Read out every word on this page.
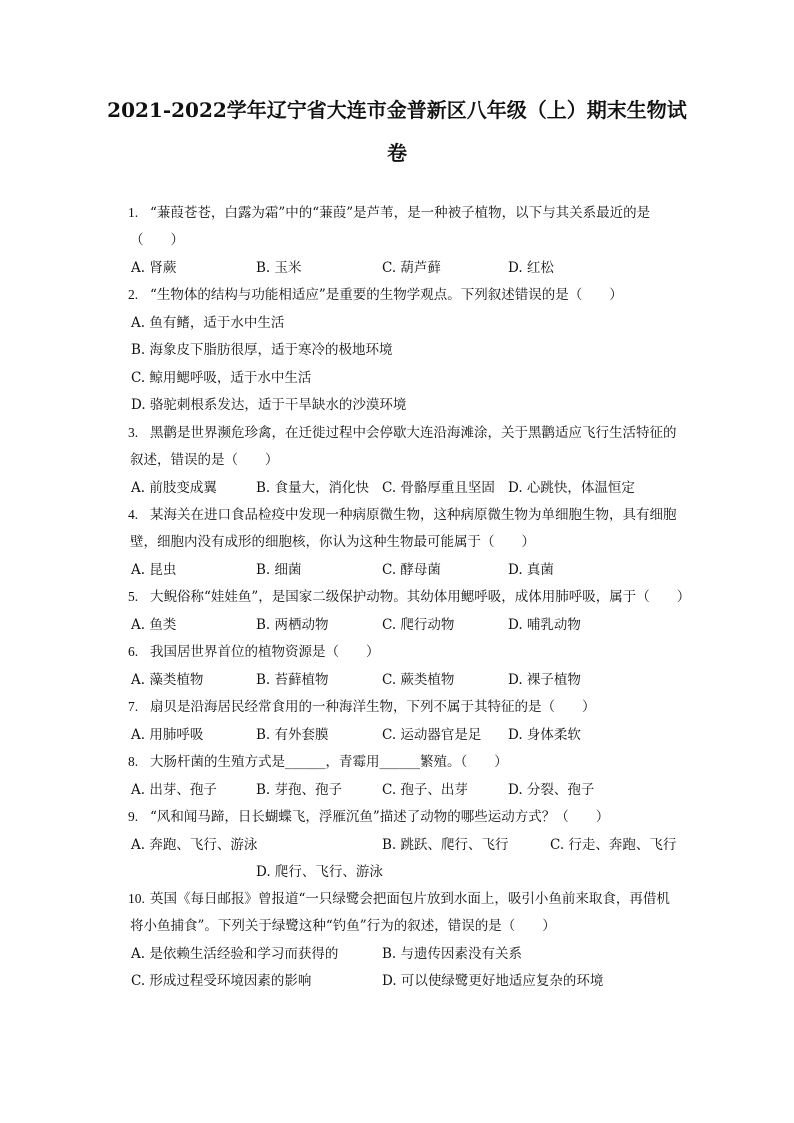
2021-2022学年辽宁省大连市金普新区八年级（上）期末生物试
卷
1. “蒹葭苍苍，白露为霜”中的“蒹葭”是芦苇，是一种被子植物，以下与其关系最近的是
（　　）
A. 肾蕨	B. 玉米	C. 葫芦藓	D. 红松
2. “生物体的结构与功能相适应”是重要的生物学观点。下列叙述错误的是（　　）
A. 鱼有鳍，适于水中生活
B. 海象皮下脂肪很厚，适于寒冷的极地环境
C. 鲸用鳃呼吸，适于水中生活
D. 骆驼刺根系发达，适于干旱缺水的沙漠环境
3. 黑鹳是世界濒危珍禽，在迁徙过程中会停歇大连沿海滩涂，关于黑鹳适应飞行生活特征的
叙述，错误的是（　　）
A. 前肢变成翼	B. 食量大，消化快 C. 骨骼厚重且坚固 D. 心跳快，体温恒定
4. 某海关在进口食品检疫中发现一种病原微生物，这种病原微生物为单细胞生物，具有细胞
壁，细胞内没有成形的细胞核，你认为这种生物最可能属于（　　）
A. 昆虫	B. 细菌	C. 酵母菌	D. 真菌
5. 大鲵俗称“娃娃鱼”，是国家二级保护动物。其幼体用鳃呼吸，成体用肺呼吸，属于（　　）
A. 鱼类	B. 两栖动物	C. 爬行动物	D. 哺乳动物
6. 我国居世界首位的植物资源是（　　）
A. 藻类植物	B. 苔藓植物	C. 蕨类植物	D. 裸子植物
7. 扇贝是沿海居民经常食用的一种海洋生物，下列不属于其特征的是（　　）
A. 用肺呼吸	B. 有外套膜	C. 运动器官是足 D. 身体柔软
8. 大肠杆菌的生殖方式是______，青霉用______繁殖。（　　）
A. 出芽、孢子	B. 芽孢、孢子	C. 孢子、出芽	D. 分裂、孢子
9. “风和闻马蹄，日长蝴蝶飞，浮雁沉鱼”描述了动物的哪些运动方式？（　　）
A. 奔跑、飞行、游泳	B. 跳跃、爬行、飞行	C. 行走、奔跑、飞行
D. 爬行、飞行、游泳
10. 英国《每日邮报》曾报道“一只绿鹭会把面包片放到水面上，吸引小鱼前来取食，再借机
将小鱼捕食”。下列关于绿鹭这种“钓鱼”行为的叙述，错误的是（　　）
A. 是依赖生活经验和学习而获得的	B. 与遗传因素没有关系
C. 形成过程受环境因素的影响	D. 可以使绿鹭更好地适应复杂的环境
